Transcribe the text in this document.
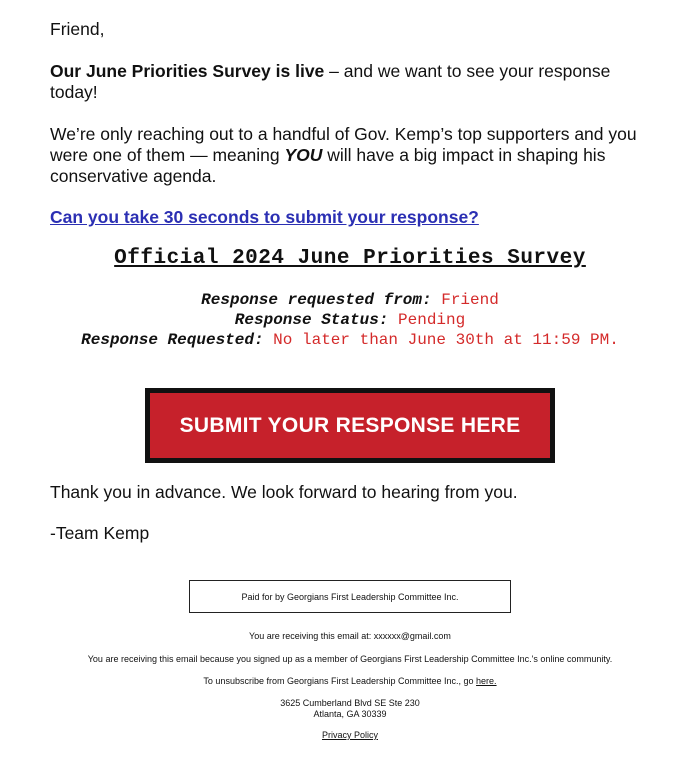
Friend,

Our June Priorities Survey is live – and we want to see your response today!

We’re only reaching out to a handful of Gov. Kemp’s top supporters and you were one of them — meaning YOU will have a big impact in shaping his conservative agenda.

Can you take 30 seconds to submit your response?

Official 2024 June Priorities Survey
Response requested from: Friend
Response Status: Pending
Response Requested: No later than June 30th at 11:59 PM.
SUBMIT YOUR RESPONSE HERE

Thank you in advance. We look forward to hearing from you.

-Team Kemp

Paid for by Georgians First Leadership Committee Inc.
You are receiving this email at: xxxxxx@gmail.com
You are receiving this email because you signed up as a member of Georgians First Leadership Committee Inc.'s online community.
To unsubscribe from Georgians First Leadership Committee Inc., go here.
3625 Cumberland Blvd SE Ste 230
Atlanta, GA 30339
Privacy Policy
